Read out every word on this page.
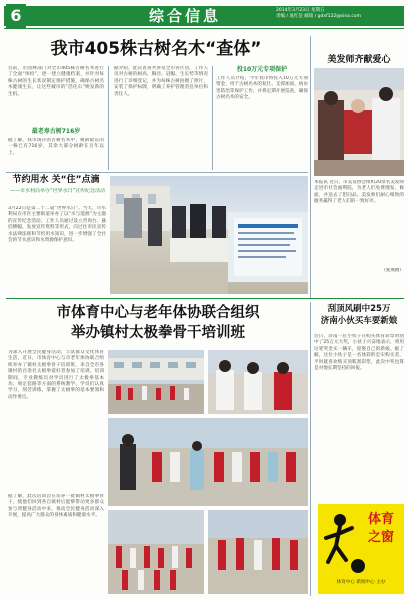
6	综合信息	2014年3月23日 星期五
责编 / 晁红征 邮箱 / gdxf122@sina.com
我市405株古树名木“查体”
目前，市园林部门对全市405株古树名木进行了全面“体检”，逐一建立健康档案，并针对每株古树的生长状况制定保护措施，确保古树名木健康生长，让这些城市的“活化石”焕发新的生机。
最老寿古树716岁
据了解，我市现存的古树名木中，树龄最长的一株已有716岁，其余大部分树龄在百年以上。
据介绍，此次普查共涉及全市各区县，工作人员对古树的树高、胸径、冠幅、生长势等情况进行了详细登记，并为每株古树拍摄了照片，安装了保护标牌，明确了养护管理责任单位和责任人。
投10万元专项保护
工作人员介绍，今年我市将投入10万元专项资金，用于古树名木的复壮、支撑加固、病虫害防治等保护工作，并将定期开展巡查，确保古树名木的安全。
节约用水 关“住”点滴
——市水利局举办“世界水日”宣传纪念活动
3月22日是第二十二届“世界水日”。当天，市水利局在市区主要街道举办了以“水与能源”为主题的宣传纪念活动，工作人员通过设立咨询台、悬挂横幅、发放宣传资料等形式，向过往市民宣传水法律法规和节约用水知识，进一步增强了全社会的节水意识和水资源保护意识。
美发师齐献爱心
本报讯 近日，市美发协会组织20余名美发师走进市社会福利院，为老人们免费理发、修面，并送去了慰问品。美发师们耐心细致的服务赢得了老人们的一致好评。
（张燕摄）
市体育中心与老年体协联合组织
举办镇村太极拳骨干培训班
为深入开展全民健身活动，丰富群众文化体育生活，近日，市体育中心与市老年体协联合组织举办了镇村太极拳骨干培训班，来自全市各镇村的百余名太极拳爱好者参加了培训。培训期间，专业教练员对学员进行了太极拳基本功、规定套路等方面的系统教学，学员们认真学习，刻苦训练，掌握了太极拳的基本要领和动作要点。
据了解，此次培训旨在培养一批镇村太极拳骨干，使他们回到各自镇村后能够带动更多群众参与到健身活动中来，推动全民健身活动深入开展，提高广大群众的身体素质和健康水平。
刮顶风刷中25万
济南小伙买车要新娘
近日，济南一位小伙子在购买体育彩票时刮中了25万元大奖，小伙子兴奋地表示，将用这笔奖金买一辆车，迎娶自己的新娘。据了解，这位小伙子是一名体彩的忠实购买者，平时就喜欢购买顶呱刮彩票，此次中奖也算是对他长期坚持的回报。
体育
之窗
体育中心 新闻中心 主办
